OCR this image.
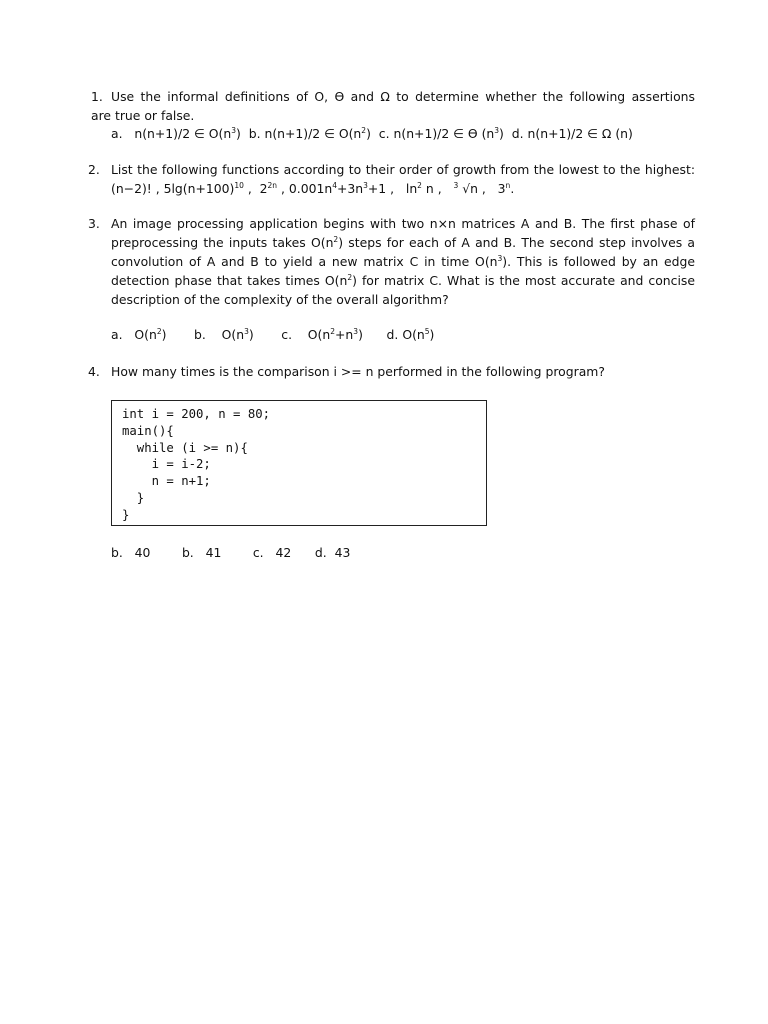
1. Use the informal definitions of O, ϴ and Ω to determine whether the following assertions
are true or false.
a. n(n+1)/2 ∈ $O(n^3)$ b. n(n+1)/2 ∈ $O(n^2)$ c. n(n+1)/2 ∈ ϴ $(n^3)$ d. n(n+1)/2 ∈ Ω (n)
2. List the following functions according to their order of growth from the lowest to the highest:
(n−2)! , $5\lg(n+100)^{10}$ ,  $2^{2n}$ , $0.001n^4+3n^3+1$ ,   $\ln^2 n$ ,   $^3$ √n ,   3$^n$.
3. An image processing application begins with two n×n matrices A and B. The first phase of
preprocessing the inputs takes $O(n^2)$ steps for each of A and B. The second step involves a
convolution of A and B to yield a new matrix C in time $O(n^3)$. This is followed by an edge
detection phase that takes times $O(n^2)$ for matrix C. What is the most accurate and concise
description of the complexity of the overall algorithm?
a. $O(n^2)$ b. $O(n^3)$ c. $O(n^2+n^3)$ d. $O(n^5)$
4. How many times is the comparison i >= n performed in the following program?
int i = 200, n = 80;
main(){
while (i >= n){
i = i-2;
n = n+1;
}
}
b. 40	b. 41	c. 42 d. 43
